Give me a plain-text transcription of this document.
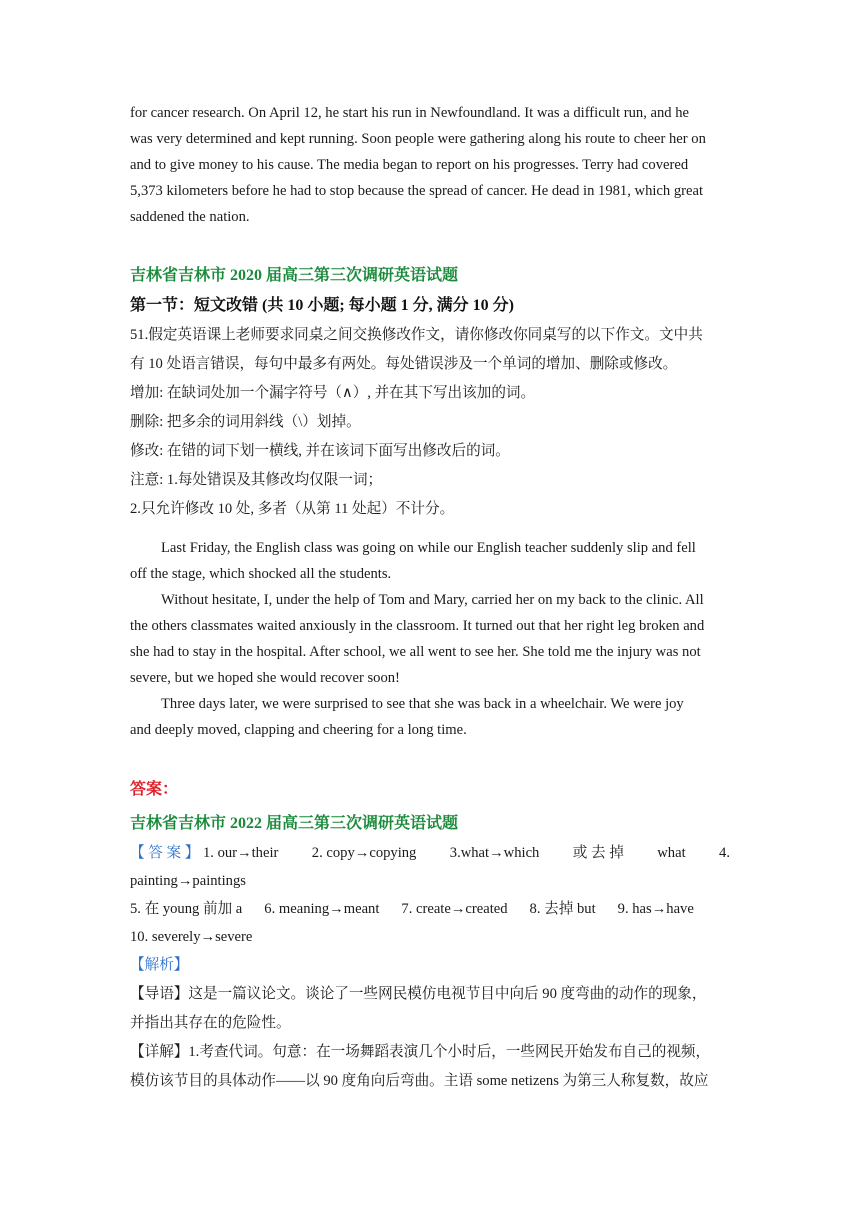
for cancer research. On April 12, he start his run in Newfoundland. It was a difficult run, and he
was very determined and kept running. Soon people were gathering along his route to cheer her on
and to give money to his cause. The media began to report on his progresses. Terry had covered
5,373 kilometers before he had to stop because the spread of cancer. He dead in 1981, which great
saddened the nation.
吉林省吉林市 2020 届高三第三次调研英语试题
第一节：短文改错 (共 10 小题; 每小题 1 分, 满分 10 分)
51.假定英语课上老师要求同桌之间交换修改作文，请你修改你同桌写的以下作文。文中共
有 10 处语言错误，每句中最多有两处。每处错误涉及一个单词的增加、删除或修改。
增加: 在缺词处加一个漏字符号（∧）, 并在其下写出该加的词。
删除: 把多余的词用斜线（\）划掉。
修改: 在错的词下划一横线, 并在该词下面写出修改后的词。
注意: 1.每处错误及其修改均仅限一词；
2.只允许修改 10 处, 多者（从第 11 处起）不计分。
Last Friday, the English class was going on while our English teacher suddenly slip and fell
off the stage, which shocked all the students.
Without hesitate, I, under the help of Tom and Mary, carried her on my back to the clinic. All
the others classmates waited anxiously in the classroom. It turned out that her right leg broken and
she had to stay in the hospital. After school, we all went to see her. She told me the injury was not
severe, but we hoped she would recover soon!
Three days later, we were surprised to see that she was back in a wheelchair. We were joy
and deeply moved, clapping and cheering for a long time.
答案：
吉林省吉林市 2022 届高三第三次调研英语试题
【 答 案 】 1. our→their 2. copy→copying 3.what→which 或 去 掉 what 4.
painting→paintings
5. 在 young 前加 a 6. meaning→meant 7. create→created 8. 去掉 but 9. has→have
10. severely→severe
【解析】
【导语】这是一篇议论文。谈论了一些网民模仿电视节目中向后 90 度弯曲的动作的现象，
并指出其存在的危险性。
【详解】1.考查代词。句意：在一场舞蹈表演几个小时后，一些网民开始发布自己的视频，
模仿该节目的具体动作——以 90 度角向后弯曲。主语 some netizens 为第三人称复数，故应
